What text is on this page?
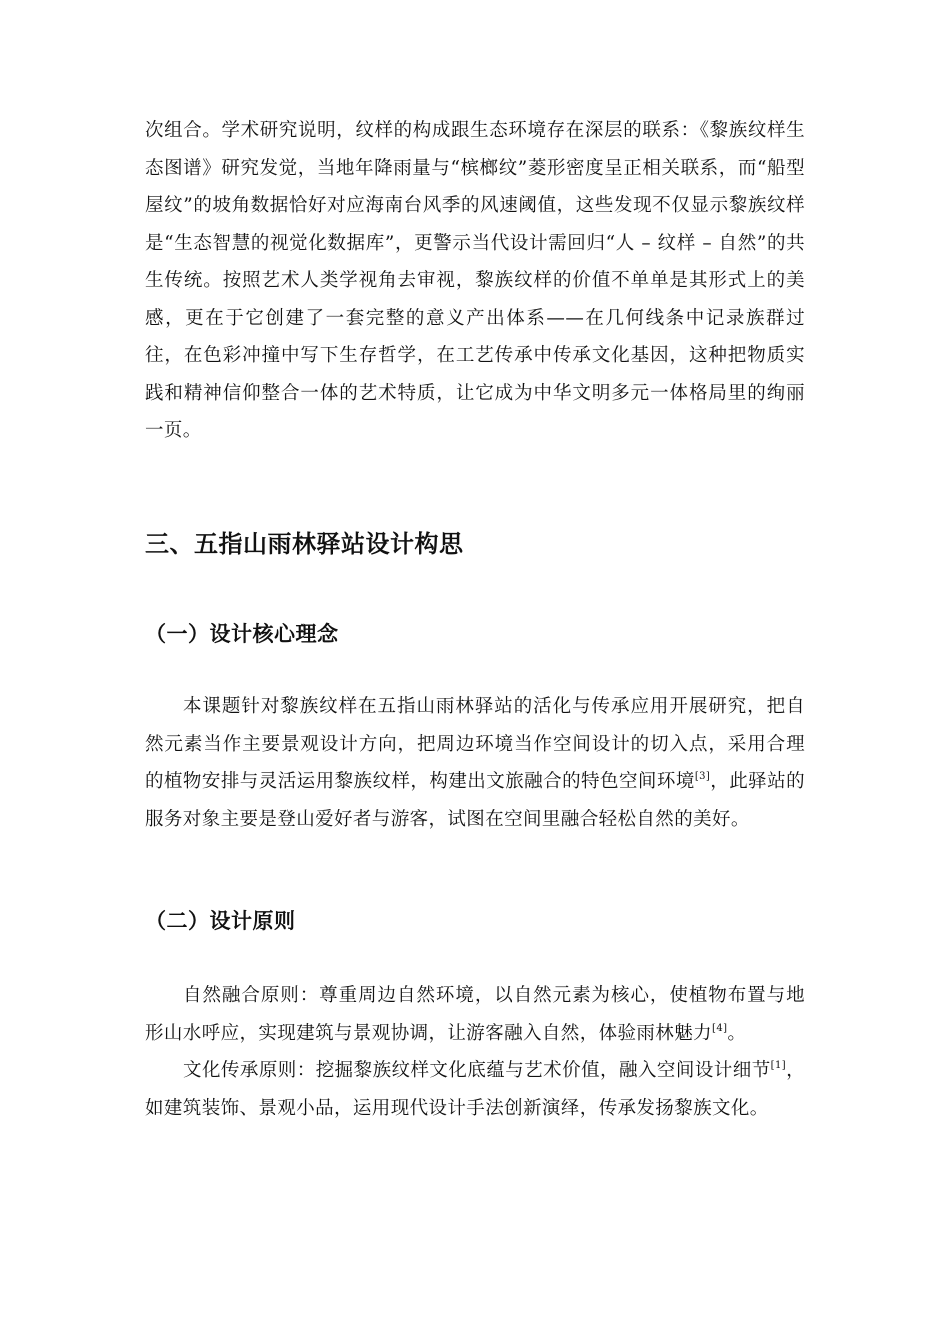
次组合。学术研究说明，纹样的构成跟生态环境存在深层的联系：《黎族纹样生态图谱》研究发觉，当地年降雨量与“槟榔纹”菱形密度呈正相关联系，而“船型屋纹”的坡角数据恰好对应海南台风季的风速阈值，这些发现不仅显示黎族纹样是“生态智慧的视觉化数据库”，更警示当代设计需回归“人 – 纹样 – 自然”的共生传统。按照艺术人类学视角去审视，黎族纹样的价值不单单是其形式上的美感，更在于它创建了一套完整的意义产出体系——在几何线条中记录族群过往，在色彩冲撞中写下生存哲学，在工艺传承中传承文化基因，这种把物质实践和精神信仰整合一体的艺术特质，让它成为中华文明多元一体格局里的绚丽一页。

三、五指山雨林驿站设计构思
（一）设计核心理念

本课题针对黎族纹样在五指山雨林驿站的活化与传承应用开展研究，把自然元素当作主要景观设计方向，把周边环境当作空间设计的切入点，采用合理的植物安排与灵活运用黎族纹样，构建出文旅融合的特色空间环境[3]，此驿站的服务对象主要是登山爱好者与游客，试图在空间里融合轻松自然的美好。

（二）设计原则

自然融合原则：尊重周边自然环境，以自然元素为核心，使植物布置与地形山水呼应，实现建筑与景观协调，让游客融入自然，体验雨林魅力[4]。

文化传承原则：挖掘黎族纹样文化底蕴与艺术价值，融入空间设计细节[1]，如建筑装饰、景观小品，运用现代设计手法创新演绎，传承发扬黎族文化。
